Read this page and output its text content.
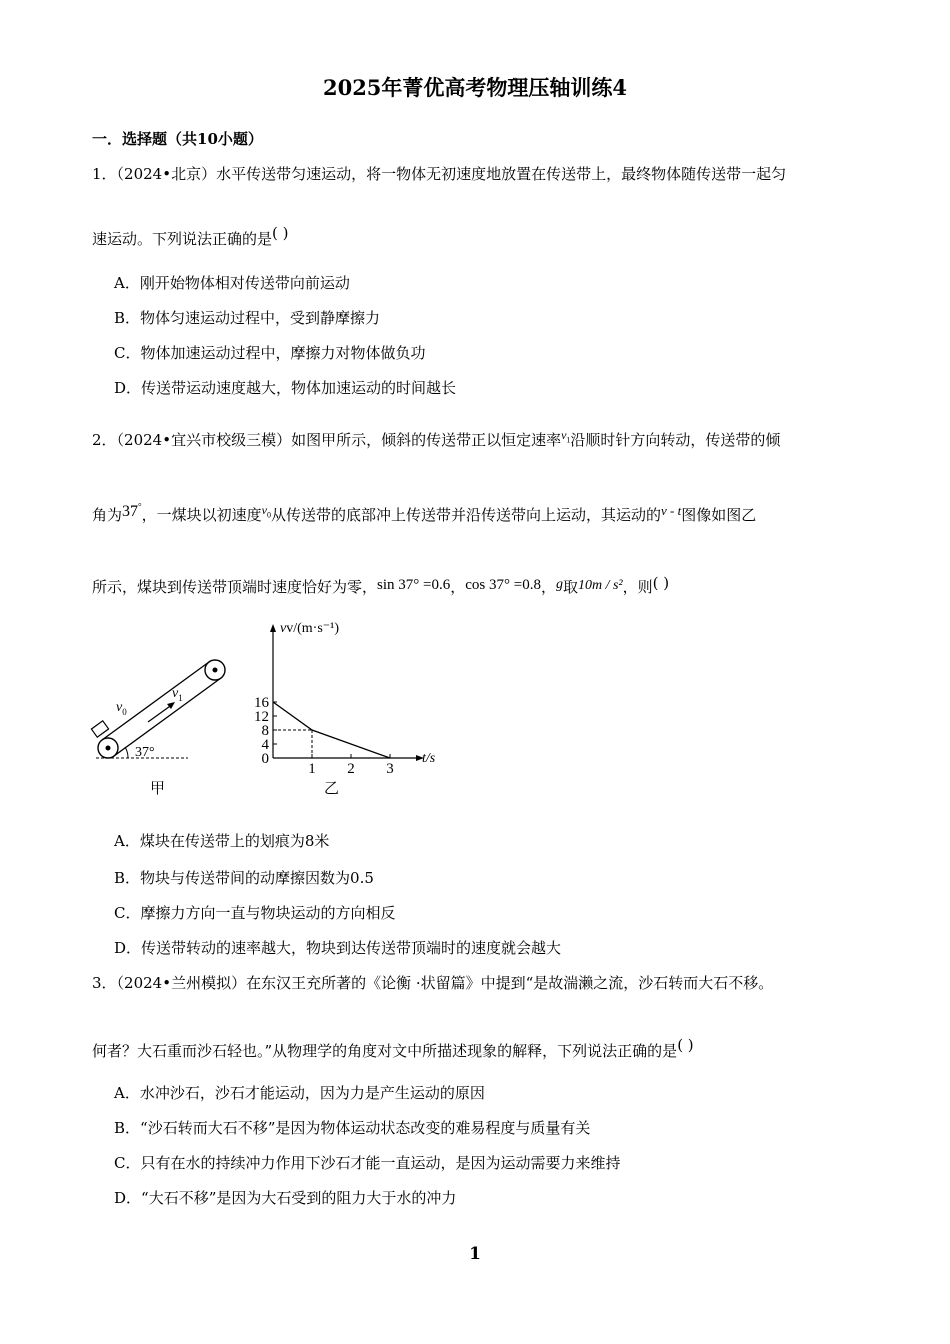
2025年菁优高考物理压轴训练4
一．选择题（共10小题）
1．（2024•北京）水平传送带匀速运动，将一物体无初速度地放置在传送带上，最终物体随传送带一起匀
速运动。下列说法正确的是( )
A．刚开始物体相对传送带向前运动
B．物体匀速运动过程中，受到静摩擦力
C．物体加速运动过程中，摩擦力对物体做负功
D．传送带运动速度越大，物体加速运动的时间越长
2．（2024•宜兴市校级三模）如图甲所示，倾斜的传送带正以恒定速率$^{v_1}$沿顺时针方向转动，传送带的倾
角为37°，一煤块以初速度$^{v_0}$从传送带的底部冲上传送带并沿传送带向上运动，其运动的v - t图像如图乙
所示，煤块到传送带顶端时速度恰好为零，sin 37° =0.6，cos 37° =0.8，g取10m / s²，则( )
$v_0$
$v_1$
37°
甲
vv/(m·s⁻¹)
t/s
0
4
8
12
16
1 2 3
乙
A．煤块在传送带上的划痕为8米
B．物块与传送带间的动摩擦因数为0.5
C．摩擦力方向一直与物块运动的方向相反
D．传送带转动的速率越大，物块到达传送带顶端时的速度就会越大
3．（2024•兰州模拟）在东汉王充所著的《论衡 ·状留篇》中提到“是故湍濑之流，沙石转而大石不移。
何者？大石重而沙石轻也。”从物理学的角度对文中所描述现象的解释，下列说法正确的是( )
A．水冲沙石，沙石才能运动，因为力是产生运动的原因
B．“沙石转而大石不移”是因为物体运动状态改变的难易程度与质量有关
C．只有在水的持续冲力作用下沙石才能一直运动，是因为运动需要力来维持
D．“大石不移”是因为大石受到的阻力大于水的冲力
1
